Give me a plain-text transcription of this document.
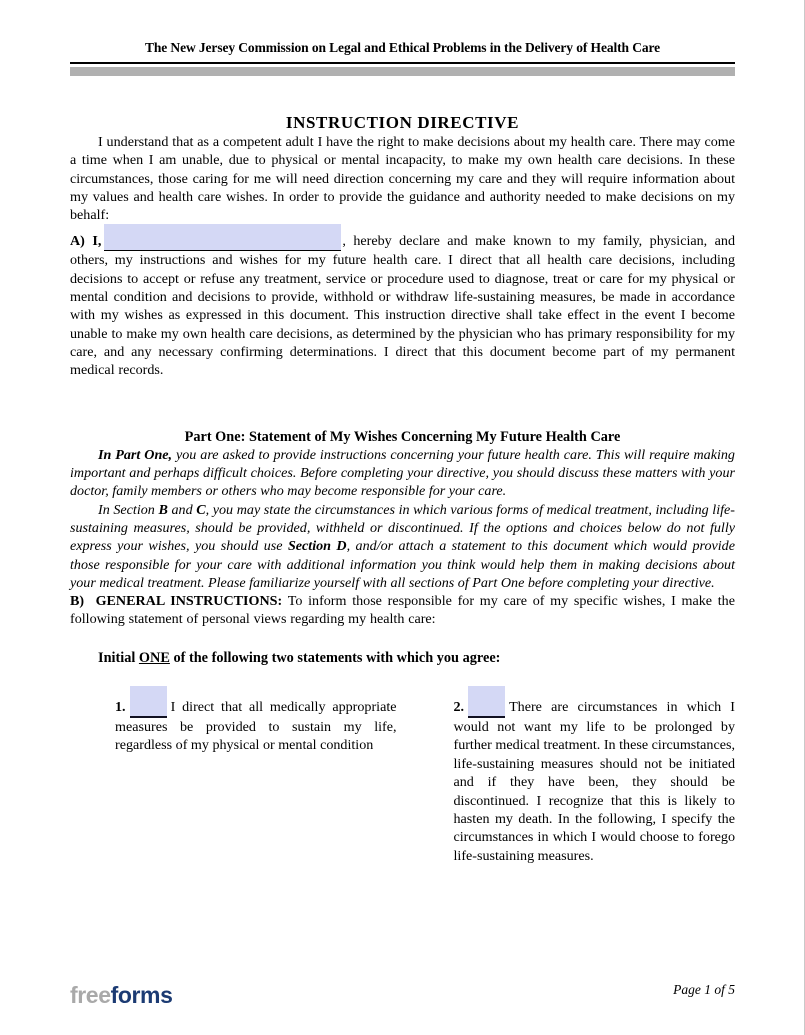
The New Jersey Commission on Legal and Ethical Problems in the Delivery of Health Care
INSTRUCTION DIRECTIVE

I understand that as a competent adult I have the right to make decisions about my health care. There may come a time when I am unable, due to physical or mental incapacity, to make my own health care decisions. In these circumstances, those caring for me will need direction concerning my care and they will require information about my values and health care wishes. In order to provide the guidance and authority needed to make decisions on my behalf:

A) I,	, hereby declare and make known to my family, physician, and others, my instructions and wishes for my future health care. I direct that all health care decisions, including decisions to accept or refuse any treatment, service or procedure used to diagnose, treat or care for my physical or mental condition and decisions to provide, withhold or withdraw life-sustaining measures, be made in accordance with my wishes as expressed in this document. This instruction directive shall take effect in the event I become unable to make my own health care decisions, as determined by the physician who has primary responsibility for my care, and any necessary confirming determinations. I direct that this document become part of my permanent medical records.

Part One: Statement of My Wishes Concerning My Future Health Care

In Part One, you are asked to provide instructions concerning your future health care. This will require making important and perhaps difficult choices. Before completing your directive, you should discuss these matters with your doctor, family members or others who may become responsible for your care.

In Section B and C, you may state the circumstances in which various forms of medical treatment, including life-sustaining measures, should be provided, withheld or discontinued. If the options and choices below do not fully express your wishes, you should use Section D, and/or attach a statement to this document which would provide those responsible for your care with additional information you think would help them in making decisions about your medical treatment. Please familiarize yourself with all sections of Part One before completing your directive.

B) GENERAL INSTRUCTIONS: To inform those responsible for my care of my specific wishes, I make the following statement of personal views regarding my health care:

Initial ONE of the following two statements with which you agree:

1.	I direct that all medically appropriate measures be provided to sustain my life, regardless of my physical or mental condition

2.	There are circumstances in which I would not want my life to be prolonged by further medical treatment. In these circumstances, life-sustaining measures should not be initiated and if they have been, they should be discontinued. I recognize that this is likely to hasten my death. In the following, I specify the circumstances in which I would choose to forego life-sustaining measures.

freeforms	Page 1 of 5
